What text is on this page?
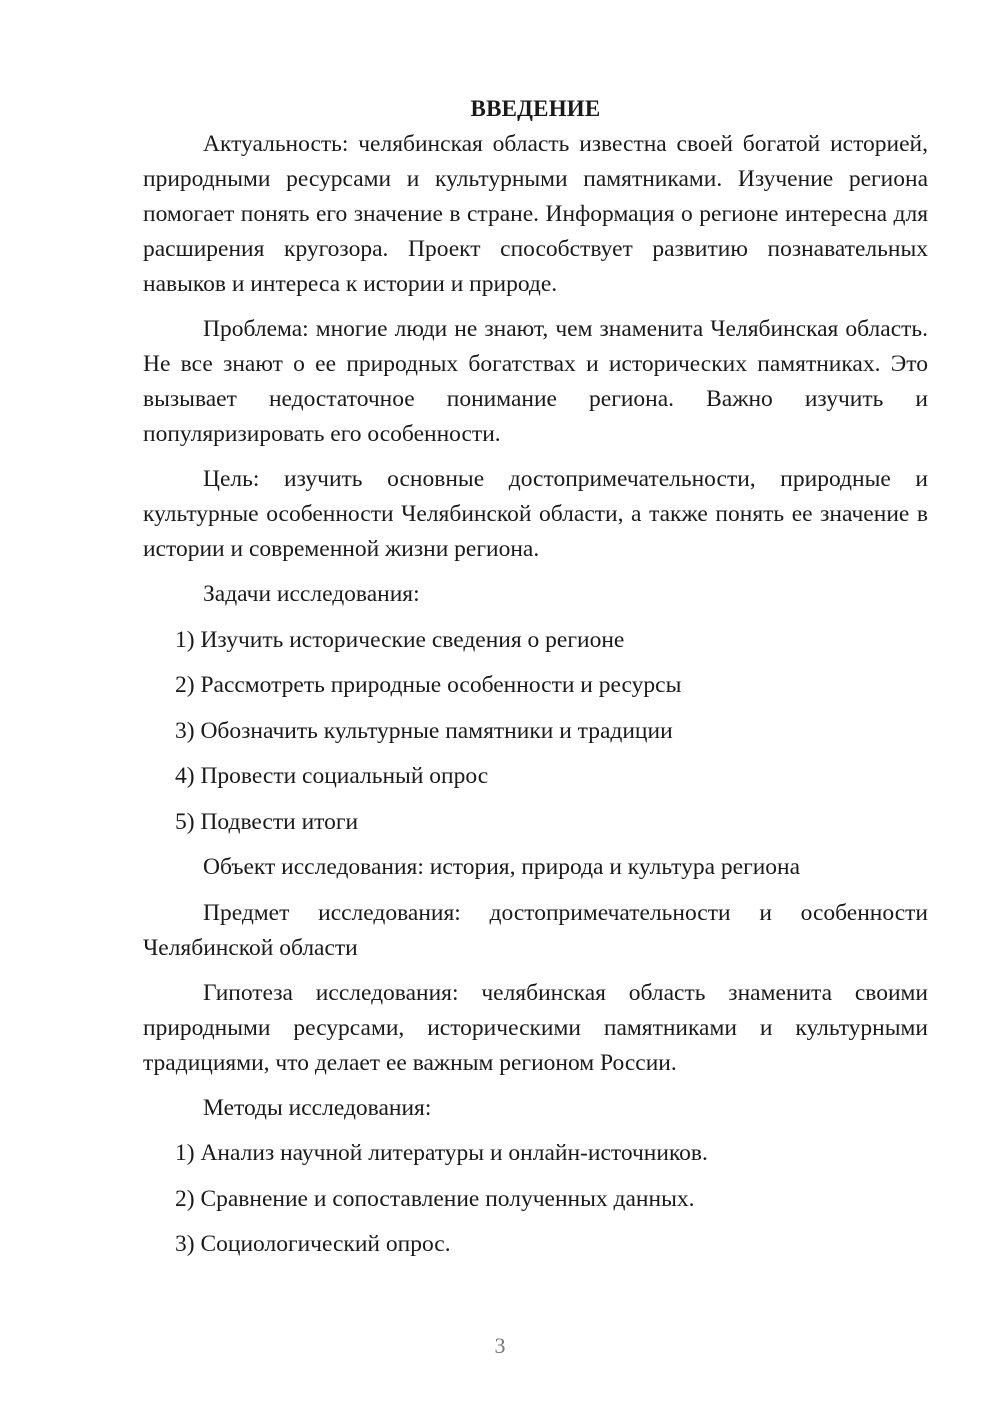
ВВЕДЕНИЕ

Актуальность: челябинская область известна своей богатой историей, природными ресурсами и культурными памятниками. Изучение региона помогает понять его значение в стране. Информация о регионе интересна для расширения кругозора. Проект способствует развитию познавательных навыков и интереса к истории и природе.

Проблема: многие люди не знают, чем знаменита Челябинская область. Не все знают о ее природных богатствах и исторических памятниках. Это вызывает недостаточное понимание региона. Важно изучить и популяризировать его особенности.

Цель: изучить основные достопримечательности, природные и культурные особенности Челябинской области, а также понять ее значение в истории и современной жизни региона.

Задачи исследования:
1) Изучить исторические сведения о регионе
2) Рассмотреть природные особенности и ресурсы
3) Обозначить культурные памятники и традиции
4) Провести социальный опрос
5) Подвести итоги
Объект исследования: история, природа и культура региона

Предмет исследования: достопримечательности и особенности Челябинской области

Гипотеза исследования: челябинская область знаменита своими природными ресурсами, историческими памятниками и культурными традициями, что делает ее важным регионом России.

Методы исследования:
1) Анализ научной литературы и онлайн-источников.
2) Сравнение и сопоставление полученных данных.
3) Социологический опрос.
3
